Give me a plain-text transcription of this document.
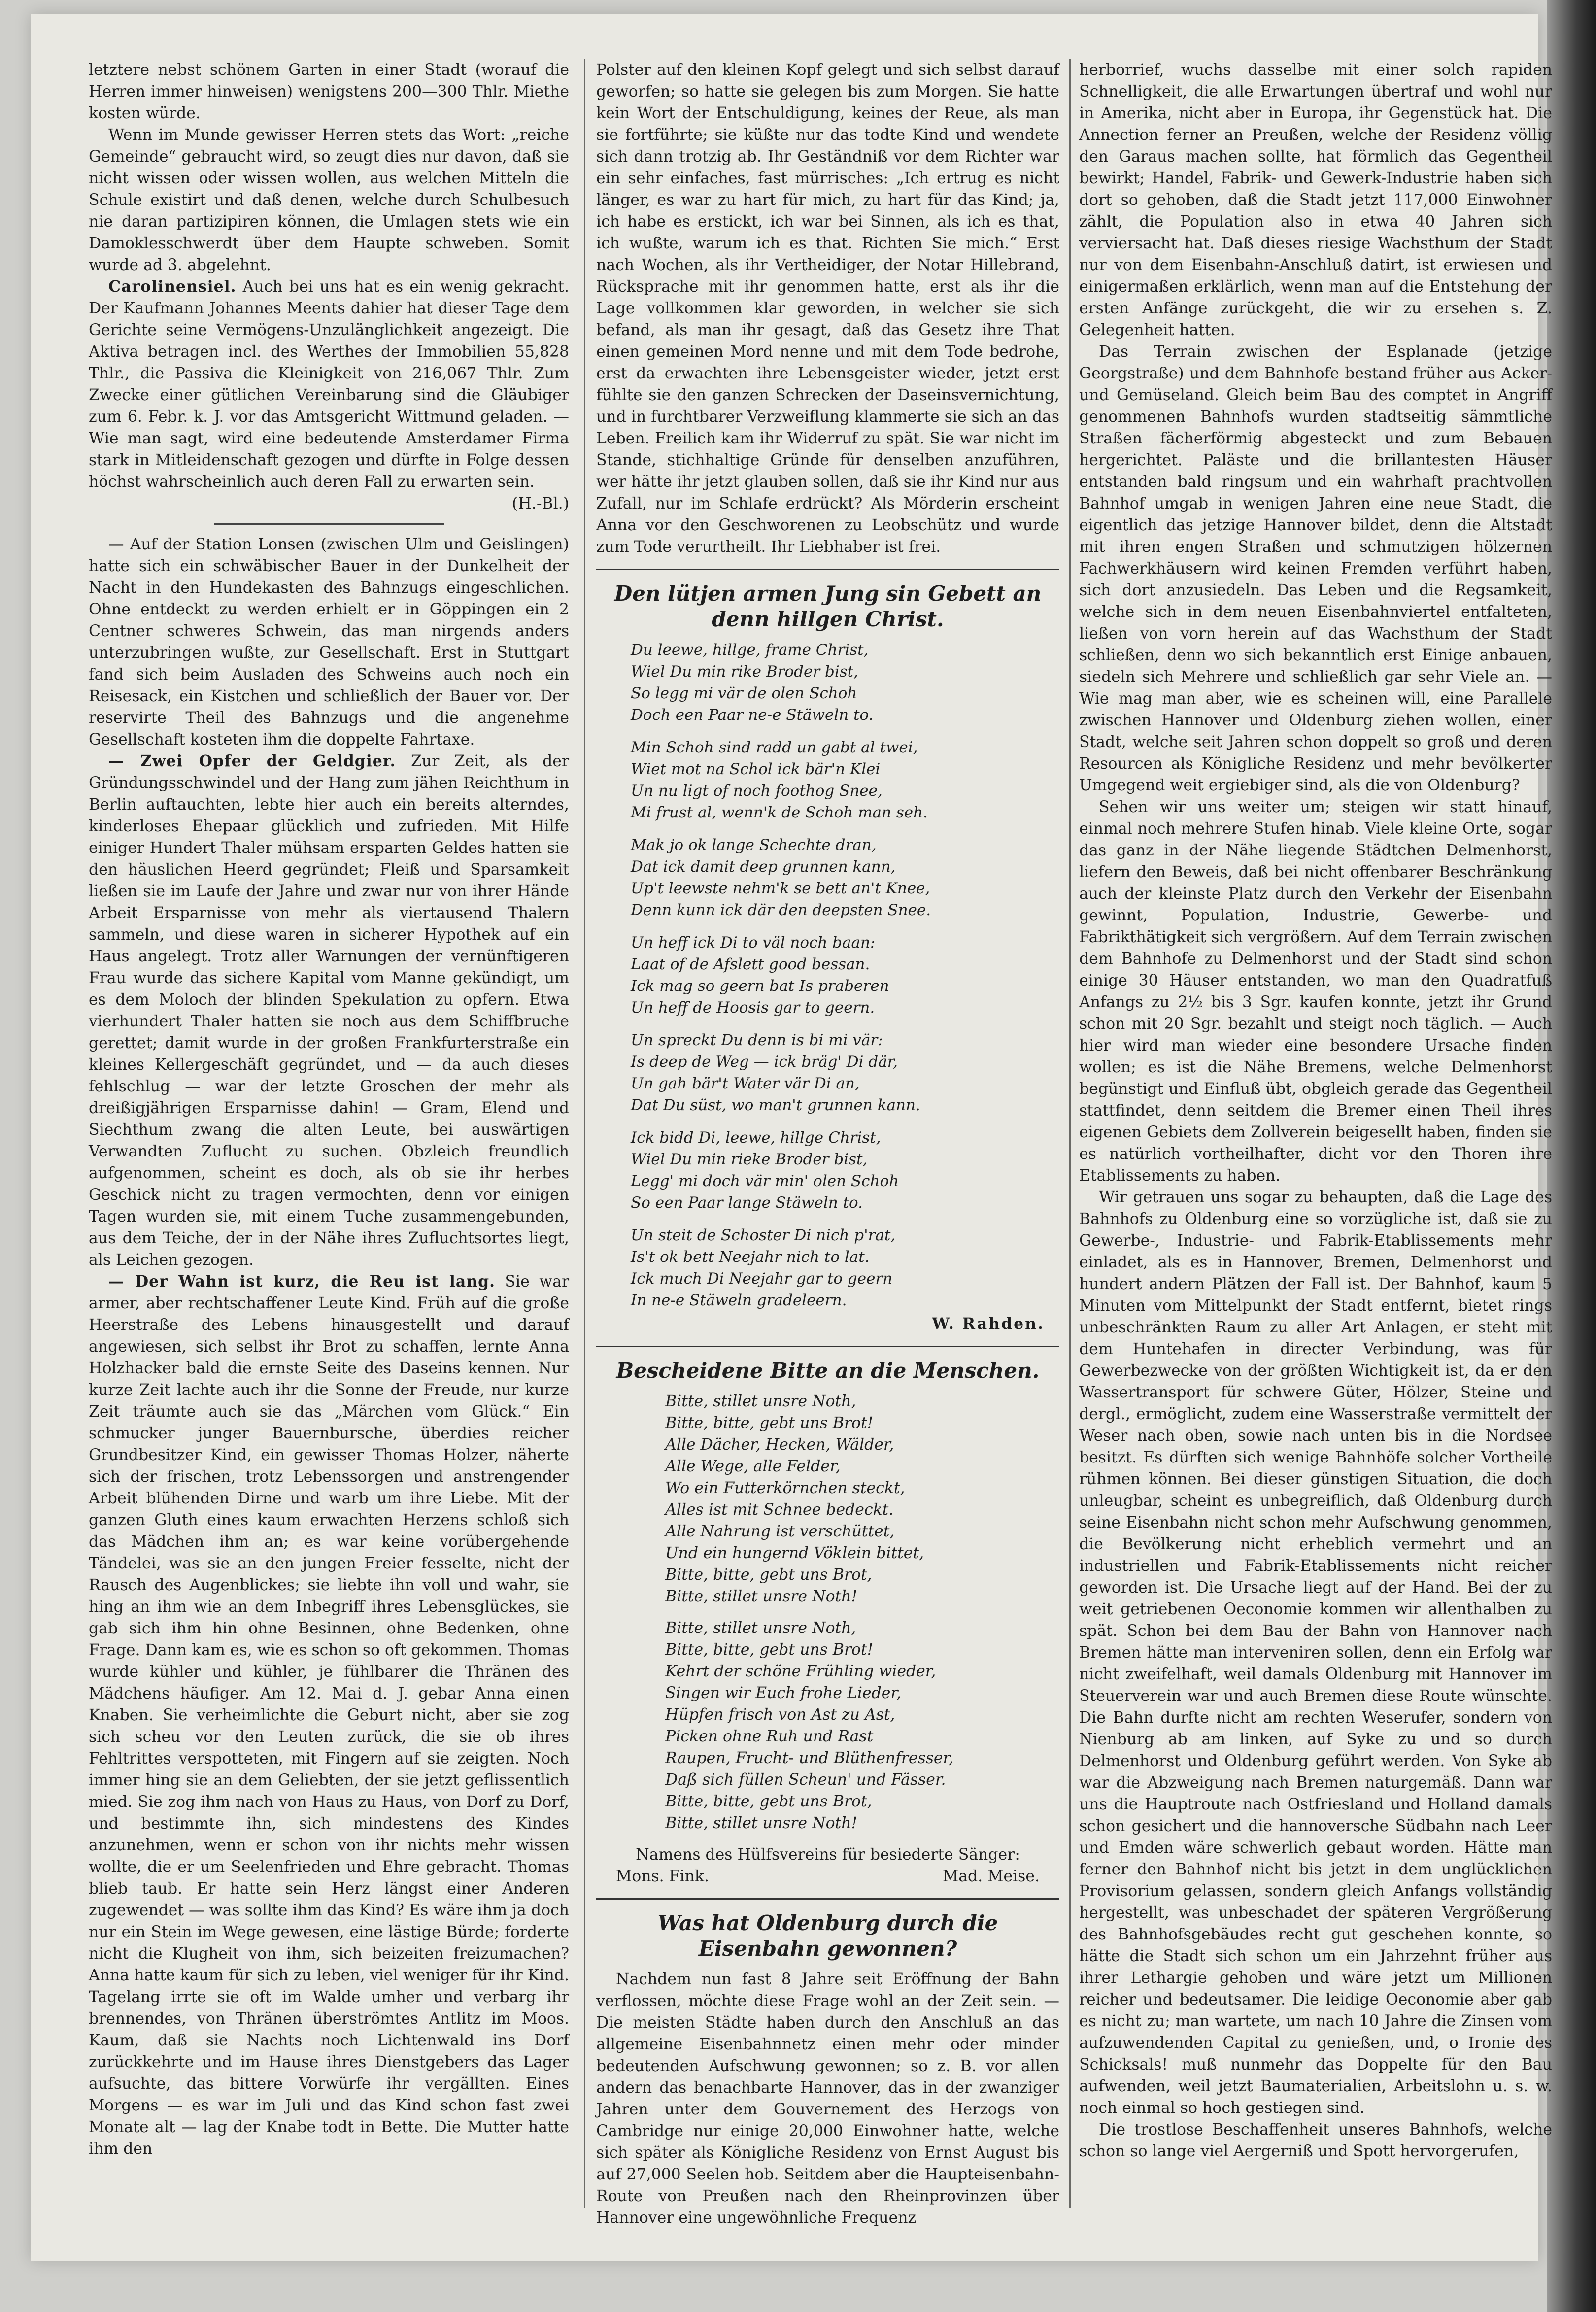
letztere nebst schönem Garten in einer Stadt (worauf die Herren immer hinweisen) wenigstens 200—300 Thlr. Miethe kosten würde.

Wenn im Munde gewisser Herren stets das Wort: „reiche Gemeinde“ gebraucht wird, so zeugt dies nur davon, daß sie nicht wissen oder wissen wollen, aus welchen Mitteln die Schule existirt und daß denen, welche durch Schulbesuch nie daran partizipiren können, die Umlagen stets wie ein Damoklesschwerdt über dem Haupte schweben. Somit wurde ad 3. abgelehnt.

Carolinensiel. Auch bei uns hat es ein wenig gekracht. Der Kaufmann Johannes Meents dahier hat dieser Tage dem Gerichte seine Vermögens-Unzulänglichkeit angezeigt. Die Aktiva betragen incl. des Werthes der Immobilien 55,828 Thlr., die Passiva die Kleinigkeit von 216,067 Thlr. Zum Zwecke einer gütlichen Vereinbarung sind die Gläubiger zum 6. Febr. k. J. vor das Amtsgericht Wittmund geladen. — Wie man sagt, wird eine bedeutende Amsterdamer Firma stark in Mitleidenschaft gezogen und dürfte in Folge dessen höchst wahrscheinlich auch deren Fall zu erwarten sein.

(H.-Bl.)

— Auf der Station Lonsen (zwischen Ulm und Geislingen) hatte sich ein schwäbischer Bauer in der Dunkelheit der Nacht in den Hundekasten des Bahnzugs eingeschlichen. Ohne entdeckt zu werden erhielt er in Göppingen ein 2 Centner schweres Schwein, das man nirgends anders unterzubringen wußte, zur Gesellschaft. Erst in Stuttgart fand sich beim Ausladen des Schweins auch noch ein Reisesack, ein Kistchen und schließlich der Bauer vor. Der reservirte Theil des Bahnzugs und die angenehme Gesellschaft kosteten ihm die doppelte Fahrtaxe.

— Zwei Opfer der Geldgier. Zur Zeit, als der Gründungsschwindel und der Hang zum jähen Reichthum in Berlin auftauchten, lebte hier auch ein bereits alterndes, kinderloses Ehepaar glücklich und zufrieden. Mit Hilfe einiger Hundert Thaler mühsam ersparten Geldes hatten sie den häuslichen Heerd gegründet; Fleiß und Sparsamkeit ließen sie im Laufe der Jahre und zwar nur von ihrer Hände Arbeit Ersparnisse von mehr als viertausend Thalern sammeln, und diese waren in sicherer Hypothek auf ein Haus angelegt. Trotz aller Warnungen der vernünftigeren Frau wurde das sichere Kapital vom Manne gekündigt, um es dem Moloch der blinden Spekulation zu opfern. Etwa vierhundert Thaler hatten sie noch aus dem Schiffbruche gerettet; damit wurde in der großen Frankfurterstraße ein kleines Kellergeschäft gegründet, und — da auch dieses fehlschlug — war der letzte Groschen der mehr als dreißigjährigen Ersparnisse dahin! — Gram, Elend und Siechthum zwang die alten Leute, bei auswärtigen Verwandten Zuflucht zu suchen. Obzleich freundlich aufgenommen, scheint es doch, als ob sie ihr herbes Geschick nicht zu tragen vermochten, denn vor einigen Tagen wurden sie, mit einem Tuche zusammengebunden, aus dem Teiche, der in der Nähe ihres Zufluchtsortes liegt, als Leichen gezogen.

— Der Wahn ist kurz, die Reu ist lang. Sie war armer, aber rechtschaffener Leute Kind. Früh auf die große Heerstraße des Lebens hinausgestellt und darauf angewiesen, sich selbst ihr Brot zu schaffen, lernte Anna Holzhacker bald die ernste Seite des Daseins kennen. Nur kurze Zeit lachte auch ihr die Sonne der Freude, nur kurze Zeit träumte auch sie das „Märchen vom Glück.“ Ein schmucker junger Bauernbursche, überdies reicher Grundbesitzer Kind, ein gewisser Thomas Holzer, näherte sich der frischen, trotz Lebenssorgen und anstrengender Arbeit blühenden Dirne und warb um ihre Liebe. Mit der ganzen Gluth eines kaum erwachten Herzens schloß sich das Mädchen ihm an; es war keine vorübergehende Tändelei, was sie an den jungen Freier fesselte, nicht der Rausch des Augenblickes; sie liebte ihn voll und wahr, sie hing an ihm wie an dem Inbegriff ihres Lebensglückes, sie gab sich ihm hin ohne Besinnen, ohne Bedenken, ohne Frage. Dann kam es, wie es schon so oft gekommen. Thomas wurde kühler und kühler, je fühlbarer die Thränen des Mädchens häufiger. Am 12. Mai d. J. gebar Anna einen Knaben. Sie verheimlichte die Geburt nicht, aber sie zog sich scheu vor den Leuten zurück, die sie ob ihres Fehltrittes verspotteten, mit Fingern auf sie zeigten. Noch immer hing sie an dem Geliebten, der sie jetzt geflissentlich mied. Sie zog ihm nach von Haus zu Haus, von Dorf zu Dorf, und bestimmte ihn, sich mindestens des Kindes anzunehmen, wenn er schon von ihr nichts mehr wissen wollte, die er um Seelenfrieden und Ehre gebracht. Thomas blieb taub. Er hatte sein Herz längst einer Anderen zugewendet — was sollte ihm das Kind? Es wäre ihm ja doch nur ein Stein im Wege gewesen, eine lästige Bürde; forderte nicht die Klugheit von ihm, sich beizeiten freizumachen? Anna hatte kaum für sich zu leben, viel weniger für ihr Kind. Tagelang irrte sie oft im Walde umher und verbarg ihr brennendes, von Thränen überströmtes Antlitz im Moos. Kaum, daß sie Nachts noch Lichtenwald ins Dorf zurückkehrte und im Hause ihres Dienstgebers das Lager aufsuchte, das bittere Vorwürfe ihr vergällten. Eines Morgens — es war im Juli und das Kind schon fast zwei Monate alt — lag der Knabe todt in Bette. Die Mutter hatte ihm den

Polster auf den kleinen Kopf gelegt und sich selbst darauf geworfen; so hatte sie gelegen bis zum Morgen. Sie hatte kein Wort der Entschuldigung, keines der Reue, als man sie fortführte; sie küßte nur das todte Kind und wendete sich dann trotzig ab. Ihr Geständniß vor dem Richter war ein sehr einfaches, fast mürrisches: „Ich ertrug es nicht länger, es war zu hart für mich, zu hart für das Kind; ja, ich habe es erstickt, ich war bei Sinnen, als ich es that, ich wußte, warum ich es that. Richten Sie mich.“ Erst nach Wochen, als ihr Vertheidiger, der Notar Hillebrand, Rücksprache mit ihr genommen hatte, erst als ihr die Lage vollkommen klar geworden, in welcher sie sich befand, als man ihr gesagt, daß das Gesetz ihre That einen gemeinen Mord nenne und mit dem Tode bedrohe, erst da erwachten ihre Lebensgeister wieder, jetzt erst fühlte sie den ganzen Schrecken der Daseinsvernichtung, und in furchtbarer Verzweiflung klammerte sie sich an das Leben. Freilich kam ihr Widerruf zu spät. Sie war nicht im Stande, stichhaltige Gründe für denselben anzuführen, wer hätte ihr jetzt glauben sollen, daß sie ihr Kind nur aus Zufall, nur im Schlafe erdrückt? Als Mörderin erscheint Anna vor den Geschworenen zu Leobschütz und wurde zum Tode verurtheilt. Ihr Liebhaber ist frei.

Den lütjen armen Jung sin Gebett an denn hillgen Christ.
Du leewe, hillge, frame Christ,
Wiel Du min rike Broder bist,
So legg mi vär de olen Schoh
Doch een Paar ne-e Stäweln to.
Min Schoh sind radd un gabt al twei,
Wiet mot na Schol ick bär'n Klei
Un nu ligt of noch foothog Snee,
Mi frust al, wenn'k de Schoh man seh.
Mak jo ok lange Schechte dran,
Dat ick damit deep grunnen kann,
Up't leewste nehm'k se bett an't Knee,
Denn kunn ick där den deepsten Snee.
Un heff ick Di to väl noch baan:
Laat of de Afslett good bessan.
Ick mag so geern bat Is praberen
Un heff de Hoosis gar to geern.
Un spreckt Du denn is bi mi vär:
Is deep de Weg — ick bräg' Di där,
Un gah bär't Water vär Di an,
Dat Du süst, wo man't grunnen kann.
Ick bidd Di, leewe, hillge Christ,
Wiel Du min rieke Broder bist,
Legg' mi doch vär min' olen Schoh
So een Paar lange Stäweln to.
Un steit de Schoster Di nich p'rat,
Is't ok bett Neejahr nich to lat.
Ick much Di Neejahr gar to geern
In ne-e Stäweln gradeleern.
W. Rahden.
Bescheidene Bitte an die Menschen.
Bitte, stillet unsre Noth,
Bitte, bitte, gebt uns Brot!
Alle Dächer, Hecken, Wälder,
Alle Wege, alle Felder,
Wo ein Futterkörnchen steckt,
Alles ist mit Schnee bedeckt.
Alle Nahrung ist verschüttet,
Und ein hungernd Vöklein bittet,
Bitte, bitte, gebt uns Brot,
Bitte, stillet unsre Noth!
Bitte, stillet unsre Noth,
Bitte, bitte, gebt uns Brot!
Kehrt der schöne Frühling wieder,
Singen wir Euch frohe Lieder,
Hüpfen frisch von Ast zu Ast,
Picken ohne Ruh und Rast
Raupen, Frucht- und Blüthenfresser,
Daß sich füllen Scheun' und Fässer.
Bitte, bitte, gebt uns Brot,
Bitte, stillet unsre Noth!
Namens des Hülfsvereins für besiederte Sänger:
Mons. Fink.	Mad. Meise.
Was hat Oldenburg durch die Eisenbahn gewonnen?

Nachdem nun fast 8 Jahre seit Eröffnung der Bahn verflossen, möchte diese Frage wohl an der Zeit sein. — Die meisten Städte haben durch den Anschluß an das allgemeine Eisenbahnnetz einen mehr oder minder bedeutenden Aufschwung gewonnen; so z. B. vor allen andern das benachbarte Hannover, das in der zwanziger Jahren unter dem Gouvernement des Herzogs von Cambridge nur einige 20,000 Einwohner hatte, welche sich später als Königliche Residenz von Ernst August bis auf 27,000 Seelen hob. Seitdem aber die Haupteisenbahn-Route von Preußen nach den Rheinprovinzen über Hannover eine ungewöhnliche Frequenz

herborrief, wuchs dasselbe mit einer solch rapiden Schnelligkeit, die alle Erwartungen übertraf und wohl nur in Amerika, nicht aber in Europa, ihr Gegenstück hat. Die Annection ferner an Preußen, welche der Residenz völlig den Garaus machen sollte, hat förmlich das Gegentheil bewirkt; Handel, Fabrik- und Gewerk-Industrie haben sich dort so gehoben, daß die Stadt jetzt 117,000 Einwohner zählt, die Population also in etwa 40 Jahren sich verviersacht hat. Daß dieses riesige Wachsthum der Stadt nur von dem Eisenbahn-Anschluß datirt, ist erwiesen und einigermaßen erklärlich, wenn man auf die Entstehung der ersten Anfänge zurückgeht, die wir zu ersehen s. Z. Gelegenheit hatten.

Das Terrain zwischen der Esplanade (jetzige Georgstraße) und dem Bahnhofe bestand früher aus Acker- und Gemüseland. Gleich beim Bau des comptet in Angriff genommenen Bahnhofs wurden stadtseitig sämmtliche Straßen fächerförmig abgesteckt und zum Bebauen hergerichtet. Paläste und die brillantesten Häuser entstanden bald ringsum und ein wahrhaft prachtvollen Bahnhof umgab in wenigen Jahren eine neue Stadt, die eigentlich das jetzige Hannover bildet, denn die Altstadt mit ihren engen Straßen und schmutzigen hölzernen Fachwerkhäusern wird keinen Fremden verführt haben, sich dort anzusiedeln. Das Leben und die Regsamkeit, welche sich in dem neuen Eisenbahnviertel entfalteten, ließen von vorn herein auf das Wachsthum der Stadt schließen, denn wo sich bekanntlich erst Einige anbauen, siedeln sich Mehrere und schließlich gar sehr Viele an. — Wie mag man aber, wie es scheinen will, eine Parallele zwischen Hannover und Oldenburg ziehen wollen, einer Stadt, welche seit Jahren schon doppelt so groß und deren Resourcen als Königliche Residenz und mehr bevölkerter Umgegend weit ergiebiger sind, als die von Oldenburg?

Sehen wir uns weiter um; steigen wir statt hinauf, einmal noch mehrere Stufen hinab. Viele kleine Orte, sogar das ganz in der Nähe liegende Städtchen Delmenhorst, liefern den Beweis, daß bei nicht offenbarer Beschränkung auch der kleinste Platz durch den Verkehr der Eisenbahn gewinnt, Population, Industrie, Gewerbe- und Fabrikthätigkeit sich vergrößern. Auf dem Terrain zwischen dem Bahnhofe zu Delmenhorst und der Stadt sind schon einige 30 Häuser entstanden, wo man den Quadratfuß Anfangs zu 2½ bis 3 Sgr. kaufen konnte, jetzt ihr Grund schon mit 20 Sgr. bezahlt und steigt noch täglich. — Auch hier wird man wieder eine besondere Ursache finden wollen; es ist die Nähe Bremens, welche Delmenhorst begünstigt und Einfluß übt, obgleich gerade das Gegentheil stattfindet, denn seitdem die Bremer einen Theil ihres eigenen Gebiets dem Zollverein beigesellt haben, finden sie es natürlich vortheilhafter, dicht vor den Thoren ihre Etablissements zu haben.

Wir getrauen uns sogar zu behaupten, daß die Lage des Bahnhofs zu Oldenburg eine so vorzügliche ist, daß sie zu Gewerbe-, Industrie- und Fabrik-Etablissements mehr einladet, als es in Hannover, Bremen, Delmenhorst und hundert andern Plätzen der Fall ist. Der Bahnhof, kaum 5 Minuten vom Mittelpunkt der Stadt entfernt, bietet rings unbeschränkten Raum zu aller Art Anlagen, er steht mit dem Huntehafen in directer Verbindung, was für Gewerbezwecke von der größten Wichtigkeit ist, da er den Wassertransport für schwere Güter, Hölzer, Steine und dergl., ermöglicht, zudem eine Wasserstraße vermittelt der Weser nach oben, sowie nach unten bis in die Nordsee besitzt. Es dürften sich wenige Bahnhöfe solcher Vortheile rühmen können. Bei dieser günstigen Situation, die doch unleugbar, scheint es unbegreiflich, daß Oldenburg durch seine Eisenbahn nicht schon mehr Aufschwung genommen, die Bevölkerung nicht erheblich vermehrt und an industriellen und Fabrik-Etablissements nicht reicher geworden ist. Die Ursache liegt auf der Hand. Bei der zu weit getriebenen Oeconomie kommen wir allenthalben zu spät. Schon bei dem Bau der Bahn von Hannover nach Bremen hätte man interveniren sollen, denn ein Erfolg war nicht zweifelhaft, weil damals Oldenburg mit Hannover im Steuerverein war und auch Bremen diese Route wünschte. Die Bahn durfte nicht am rechten Weserufer, sondern von Nienburg ab am linken, auf Syke zu und so durch Delmenhorst und Oldenburg geführt werden. Von Syke ab war die Abzweigung nach Bremen naturgemäß. Dann war uns die Hauptroute nach Ostfriesland und Holland damals schon gesichert und die hannoversche Südbahn nach Leer und Emden wäre schwerlich gebaut worden. Hätte man ferner den Bahnhof nicht bis jetzt in dem unglücklichen Provisorium gelassen, sondern gleich Anfangs vollständig hergestellt, was unbeschadet der späteren Vergrößerung des Bahnhofsgebäudes recht gut geschehen konnte, so hätte die Stadt sich schon um ein Jahrzehnt früher aus ihrer Lethargie gehoben und wäre jetzt um Millionen reicher und bedeutsamer. Die leidige Oeconomie aber gab es nicht zu; man wartete, um nach 10 Jahre die Zinsen vom aufzuwendenden Capital zu genießen, und, o Ironie des Schicksals! muß nunmehr das Doppelte für den Bau aufwenden, weil jetzt Baumaterialien, Arbeitslohn u. s. w. noch einmal so hoch gestiegen sind.

Die trostlose Beschaffenheit unseres Bahnhofs, welche schon so lange viel Aergerniß und Spott hervorgerufen,
